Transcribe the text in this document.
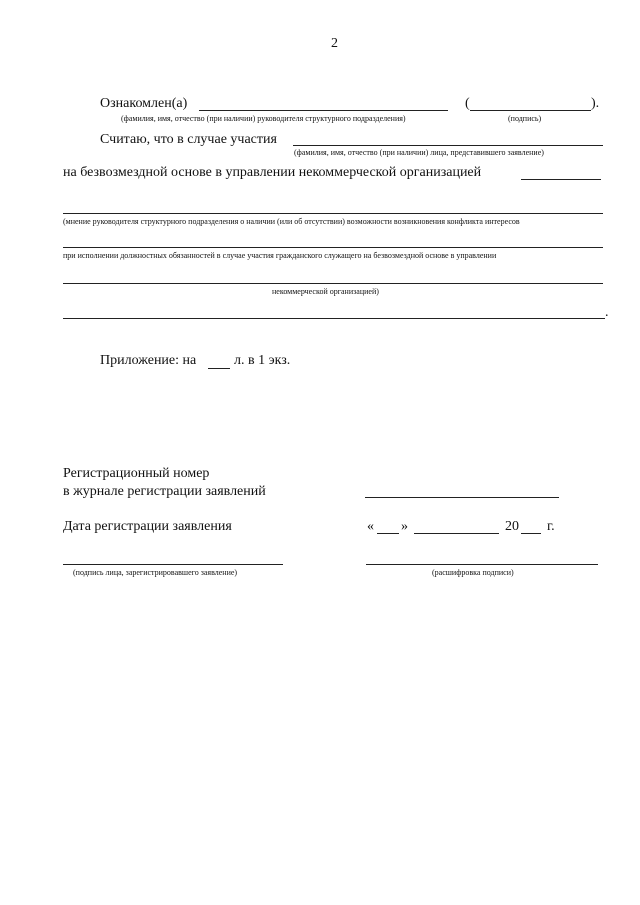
2
Ознакомлен(а)	(	).
(фамилия, имя, отчество (при наличии) руководителя структурного подразделения)	(подпись)
Считаю, что в случае участия
(фамилия, имя, отчество (при наличии) лица, представившего заявление)
на безвозмездной основе в управлении некоммерческой организацией
(мнение руководителя структурного подразделения о наличии (или об отсутствии) возможности возникновения конфликта интересов
при исполнении должностных обязанностей в случае участия гражданского служащего на безвозмездной основе в управлении
некоммерческой организацией)
.
Приложение: на	л. в 1 экз.
Регистрационный номер
в журнале регистрации заявлений
Дата регистрации заявления	« »	20 г.
(подпись лица, зарегистрировавшего заявление)	(расшифровка подписи)
